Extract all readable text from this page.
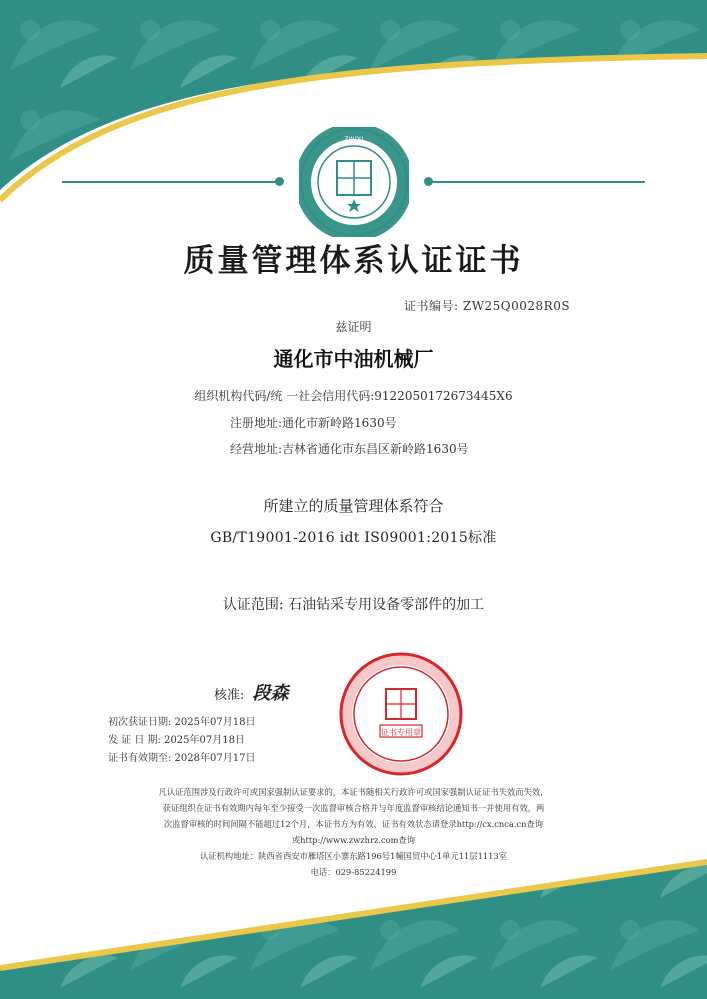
ZWQU
质量管理体系认证证书
证书编号: ZW25Q0028R0S
兹证明
通化市中油机械厂
组织机构代码/统 一社会信用代码:9122050172673445X6
注册地址:通化市新岭路1630号
经营地址:吉林省通化市东昌区新岭路1630号
所建立的质量管理体系符合
GB/T19001-2016 idt IS09001:2015标准
认证范围: 石油钻采专用设备零部件的加工
核准: 段森
证书专用章
初次获证日期: 2025年07月18日
发 证 日 期: 2025年07月18日
证书有效期至: 2028年07月17日
凡认证范围涉及行政许可或国家强制认证要求的，本证书随相关行政许可或国家强制认证证书失效而失效，
获证组织在证书有效期内每年至少接受一次监督审核合格并与年度监督审核结论通知书一并使用有效，两
次监督审核的时间间隔不能超过12个月，本证书方为有效，证书有效状态请登录http://cx.cnca.cn查询
或http://www.zwzhrz.com查询
认证机构地址：陕西省西安市雁塔区小寨东路196号1幢国贸中心1单元11层1113室
电话：029-85224199
